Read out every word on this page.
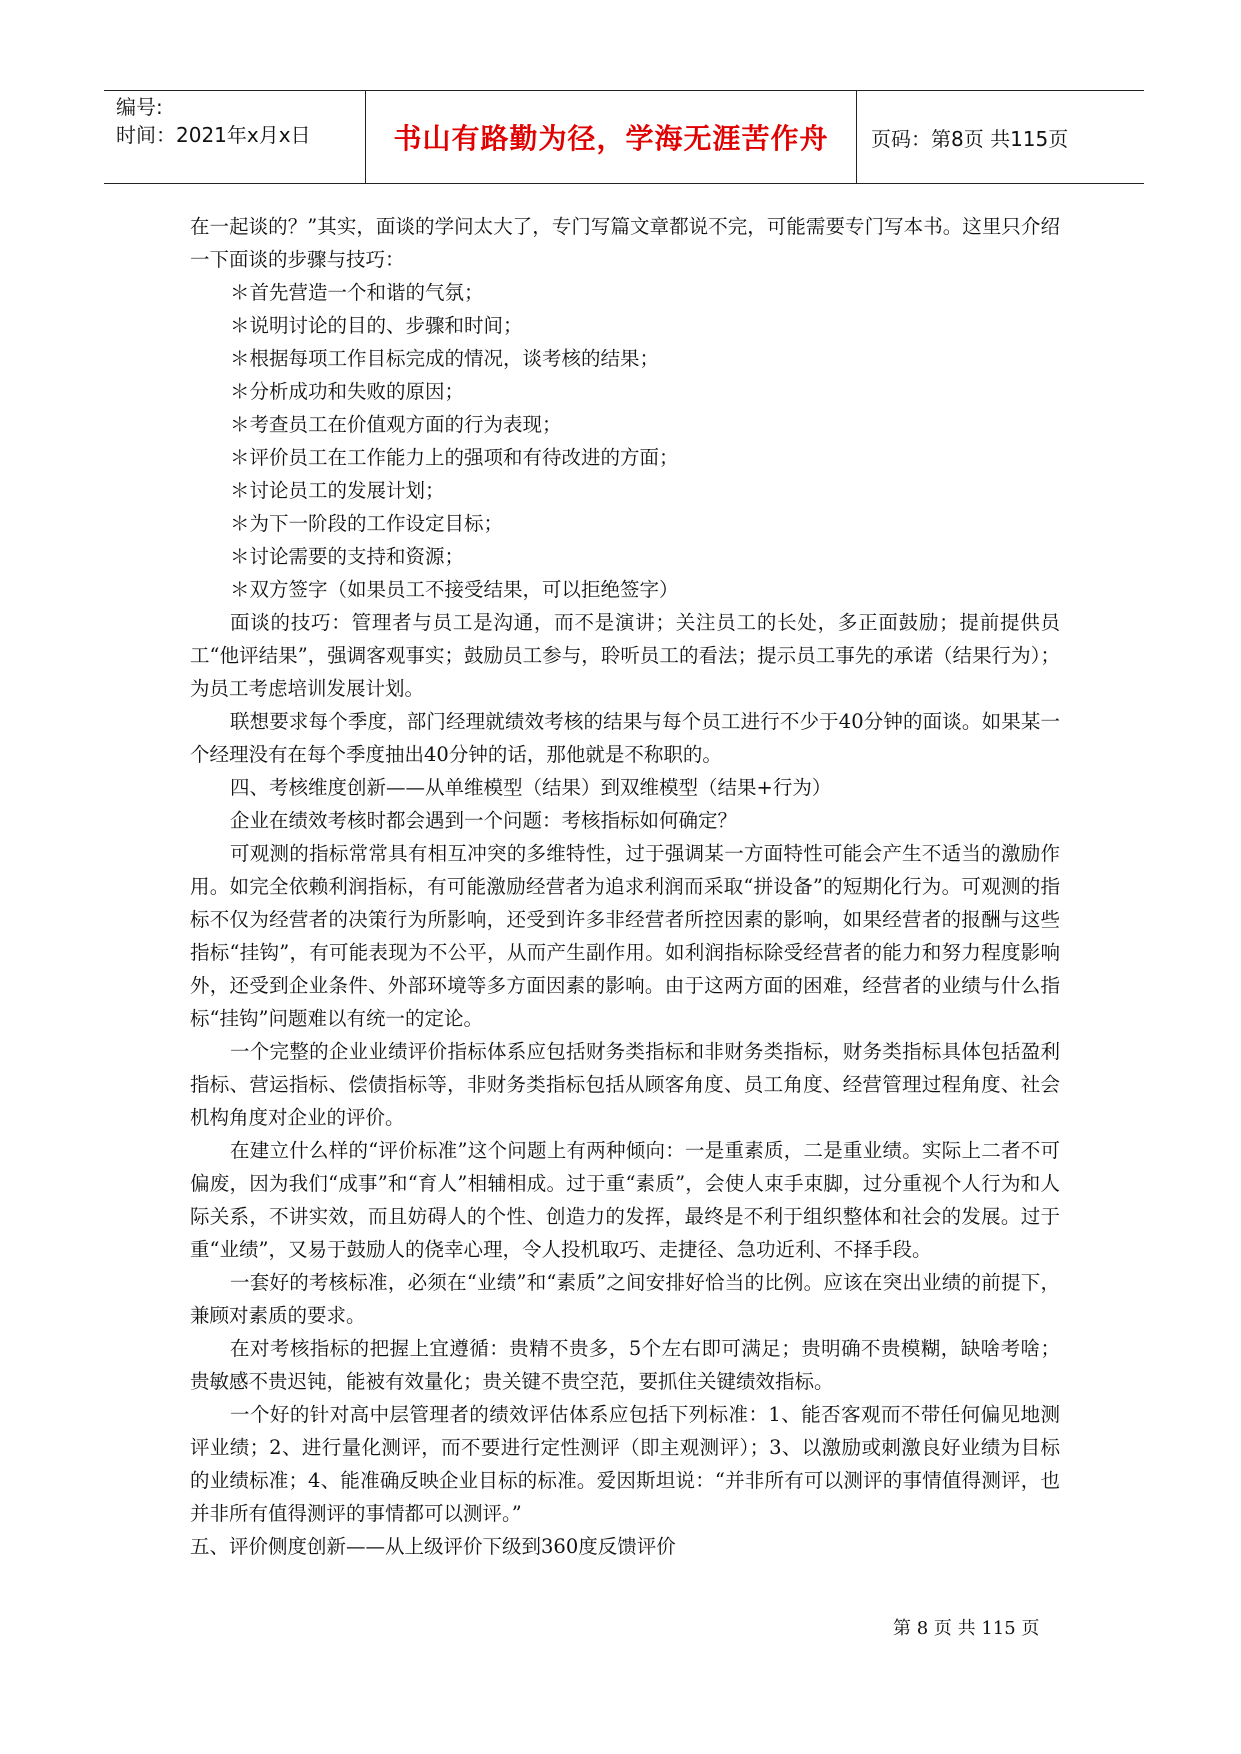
编号:
时间：2021年x月x日	书山有路勤为径，学海无涯苦作舟	页码：第8页 共115页

在一起谈的？”其实，面谈的学问太大了，专门写篇文章都说不完，可能需要专门写本书。这里只介绍一下面谈的步骤与技巧：

＊首先营造一个和谐的气氛；

＊说明讨论的目的、步骤和时间；

＊根据每项工作目标完成的情况，谈考核的结果；

＊分析成功和失败的原因；

＊考查员工在价值观方面的行为表现；

＊评价员工在工作能力上的强项和有待改进的方面；

＊讨论员工的发展计划；

＊为下一阶段的工作设定目标；

＊讨论需要的支持和资源；

＊双方签字（如果员工不接受结果，可以拒绝签字）

面谈的技巧：管理者与员工是沟通，而不是演讲；关注员工的长处，多正面鼓励；提前提供员工“他评结果”，强调客观事实；鼓励员工参与，聆听员工的看法；提示员工事先的承诺（结果行为）；为员工考虑培训发展计划。

联想要求每个季度，部门经理就绩效考核的结果与每个员工进行不少于40分钟的面谈。如果某一个经理没有在每个季度抽出40分钟的话，那他就是不称职的。

四、考核维度创新——从单维模型（结果）到双维模型（结果+行为）

企业在绩效考核时都会遇到一个问题：考核指标如何确定？

可观测的指标常常具有相互冲突的多维特性，过于强调某一方面特性可能会产生不适当的激励作用。如完全依赖利润指标，有可能激励经营者为追求利润而采取“拼设备”的短期化行为。可观测的指标不仅为经营者的决策行为所影响，还受到许多非经营者所控因素的影响，如果经营者的报酬与这些指标“挂钩”，有可能表现为不公平，从而产生副作用。如利润指标除受经营者的能力和努力程度影响外，还受到企业条件、外部环境等多方面因素的影响。由于这两方面的困难，经营者的业绩与什么指标“挂钩”问题难以有统一的定论。

一个完整的企业业绩评价指标体系应包括财务类指标和非财务类指标，财务类指标具体包括盈利指标、营运指标、偿债指标等，非财务类指标包括从顾客角度、员工角度、经营管理过程角度、社会机构角度对企业的评价。

在建立什么样的“评价标准”这个问题上有两种倾向：一是重素质，二是重业绩。实际上二者不可偏废，因为我们“成事”和“育人”相辅相成。过于重“素质”，会使人束手束脚，过分重视个人行为和人际关系，不讲实效，而且妨碍人的个性、创造力的发挥，最终是不利于组织整体和社会的发展。过于重“业绩”，又易于鼓励人的侥幸心理，令人投机取巧、走捷径、急功近利、不择手段。

一套好的考核标准，必须在“业绩”和“素质”之间安排好恰当的比例。应该在突出业绩的前提下，兼顾对素质的要求。

在对考核指标的把握上宜遵循：贵精不贵多，5个左右即可满足；贵明确不贵模糊，缺啥考啥；贵敏感不贵迟钝，能被有效量化；贵关键不贵空范，要抓住关键绩效指标。

一个好的针对高中层管理者的绩效评估体系应包括下列标准：1、能否客观而不带任何偏见地测评业绩；2、进行量化测评，而不要进行定性测评（即主观测评）；3、以激励或刺激良好业绩为目标的业绩标准；4、能准确反映企业目标的标准。爱因斯坦说：“并非所有可以测评的事情值得测评，也并非所有值得测评的事情都可以测评。”

五、评价侧度创新——从上级评价下级到360度反馈评价

第 8 页 共 115 页
